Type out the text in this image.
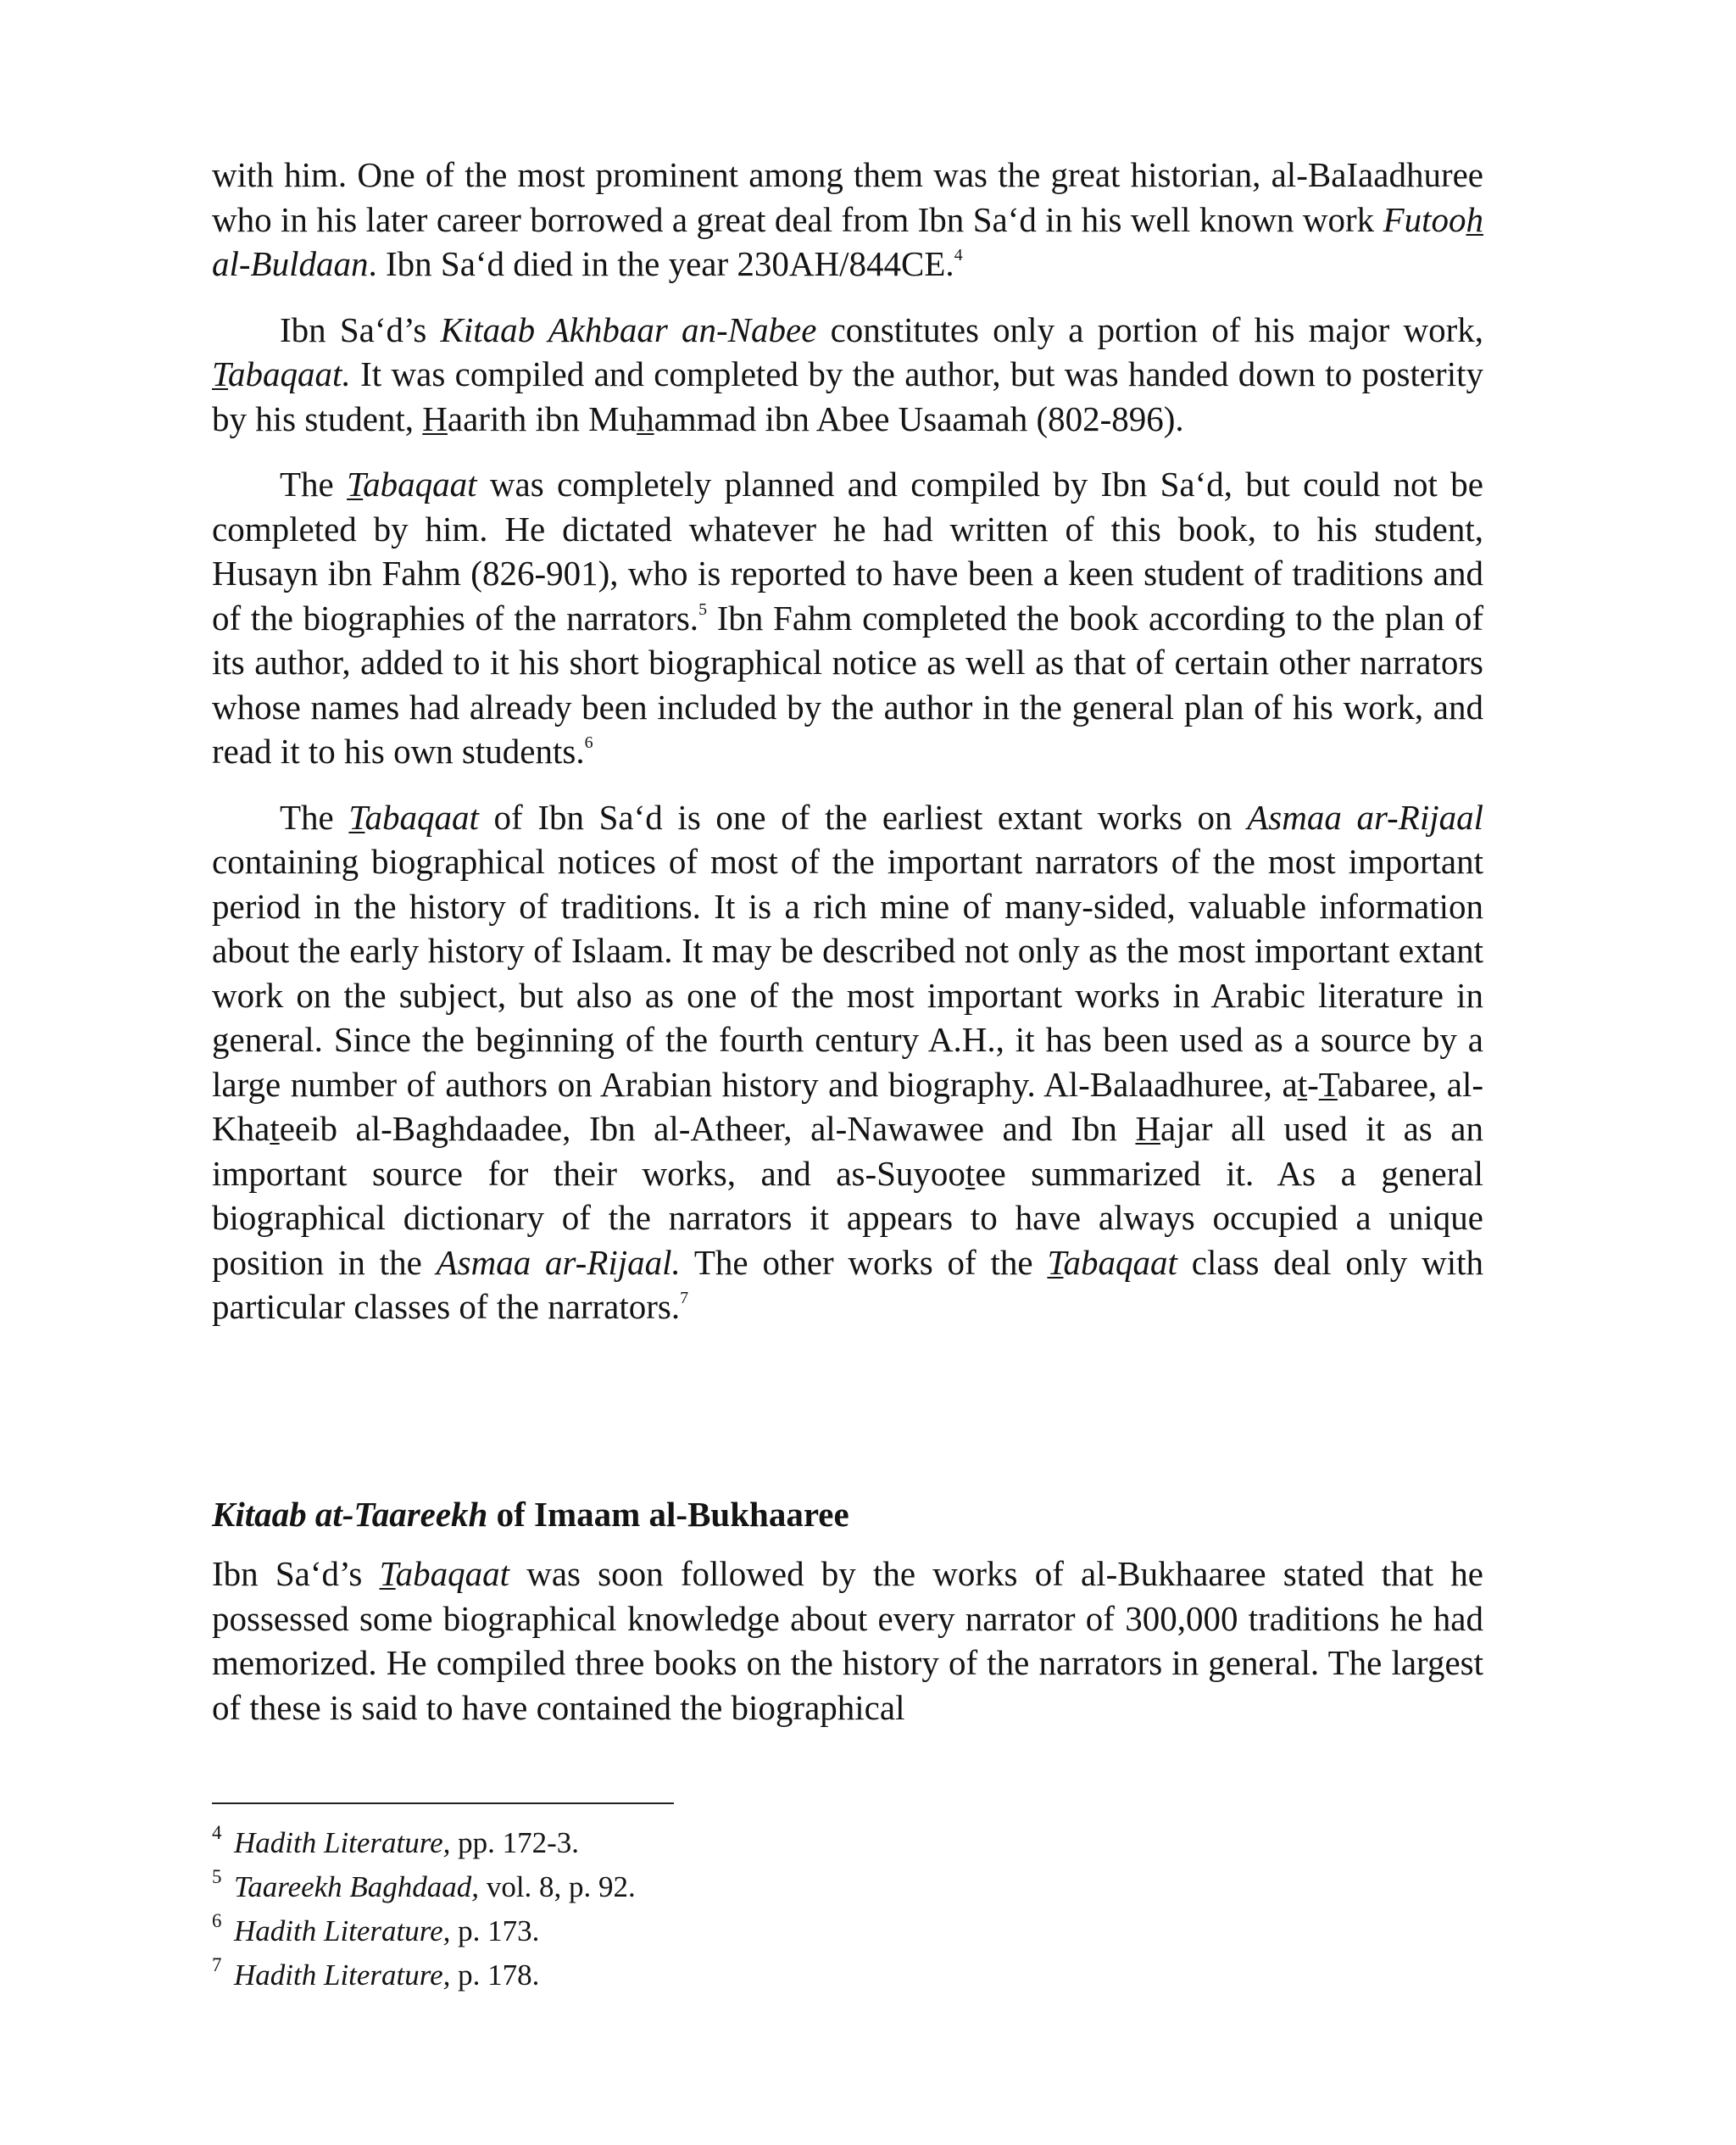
with him. One of the most prominent among them was the great historian, al-BaIaadhuree who in his later career borrowed a great deal from Ibn Sa‘d in his well known work Futooh al-Buldaan. Ibn Sa‘d died in the year 230AH/844CE.$^4$

Ibn Sa‘d’s Kitaab Akhbaar an-Nabee constitutes only a portion of his major work, Tabaqaat. It was compiled and completed by the author, but was handed down to posterity by his student, Haarith ibn Muhammad ibn Abee Usaamah (802-896).

The Tabaqaat was completely planned and compiled by Ibn Sa‘d, but could not be completed by him. He dictated whatever he had written of this book, to his student, Husayn ibn Fahm (826-901), who is reported to have been a keen student of traditions and of the biographies of the narrators.$^5$ Ibn Fahm completed the book according to the plan of its author, added to it his short biographical notice as well as that of certain other narrators whose names had already been included by the author in the general plan of his work, and read it to his own students.$^6$

The Tabaqaat of Ibn Sa‘d is one of the earliest extant works on Asmaa ar-Rijaal containing biographical notices of most of the important narrators of the most important period in the history of traditions. It is a rich mine of many-sided, valuable information about the early history of Islaam. It may be described not only as the most important extant work on the subject, but also as one of the most important works in Arabic literature in general. Since the beginning of the fourth century A.H., it has been used as a source by a large number of authors on Arabian history and biography. Al-Balaadhuree, at-Tabaree, al-Khateeib al-Baghdaadee, Ibn al-Atheer, al-Nawawee and Ibn Hajar all used it as an important source for their works, and as-Suyootee summarized it. As a general biographical dictionary of the narrators it appears to have always occupied a unique position in the Asmaa ar-Rijaal. The other works of the Tabaqaat class deal only with particular classes of the narrators.$^7$

Kitaab at-Taareekh of Imaam al-Bukhaaree

Ibn Sa‘d’s Tabaqaat was soon followed by the works of al-Bukhaaree stated that he possessed some biographical knowledge about every narrator of 300,000 traditions he had memorized. He compiled three books on the history of the narrators in general. The largest of these is said to have contained the biographical

4 Hadith Literature, pp. 172-3.

5 Taareekh Baghdaad, vol. 8, p. 92.

6 Hadith Literature, p. 173.

7 Hadith Literature, p. 178.
